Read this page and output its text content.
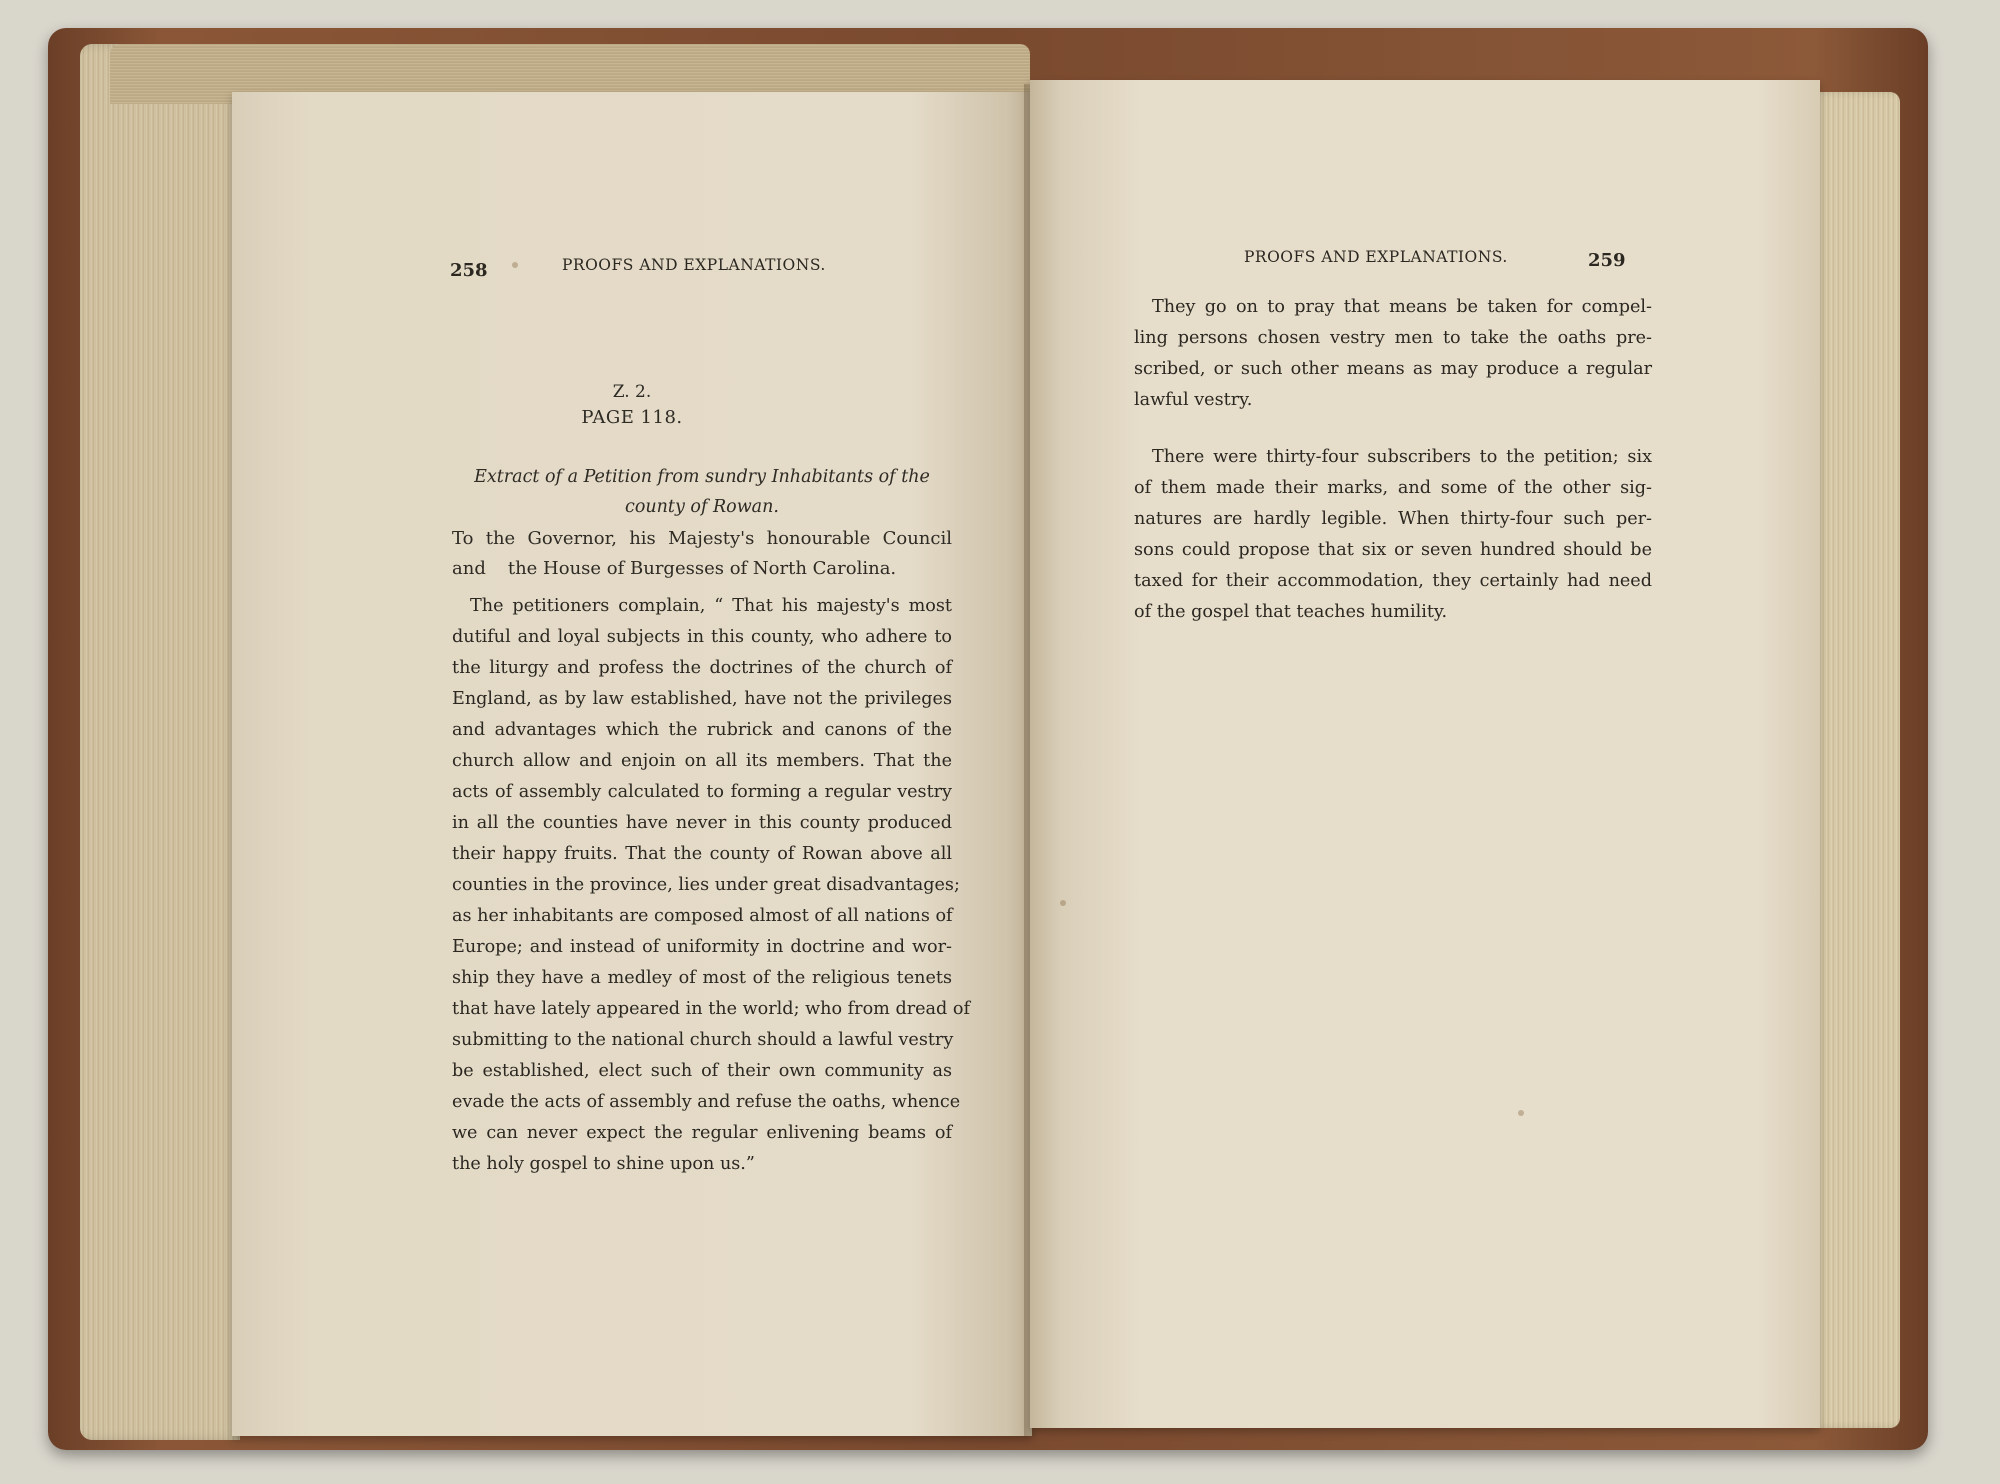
258	PROOFS AND EXPLANATIONS.
Z. 2.
PAGE 118.
Extract of a Petition from sundry Inhabitants of the
county of Rowan.
To the Governor, his Majesty's honourable Council and	the House of Burgesses of North Carolina.
The petitioners complain, “ That his majesty's most
dutiful and loyal subjects in this county, who adhere to
the liturgy and profess the doctrines of the church of
England, as by law established, have not the privileges
and advantages which the rubrick and canons of the
church allow and enjoin on all its members. That the
acts of assembly calculated to forming a regular vestry
in all the counties have never in this county produced
their happy fruits. That the county of Rowan above all
counties in the province, lies under great disadvantages;
as her inhabitants are composed almost of all nations of
Europe; and instead of uniformity in doctrine and wor-
ship they have a medley of most of the religious tenets
that have lately appeared in the world; who from dread of
submitting to the national church should a lawful vestry
be established, elect such of their own community as
evade the acts of assembly and refuse the oaths, whence
we can never expect the regular enlivening beams of
the holy gospel to shine upon us.”
PROOFS AND EXPLANATIONS.	259
They go on to pray that means be taken for compel-
ling persons chosen vestry men to take the oaths pre-
scribed, or such other means as may produce a regular
lawful vestry.
There were thirty-four subscribers to the petition; six
of them made their marks, and some of the other sig-
natures are hardly legible. When thirty-four such per-
sons could propose that six or seven hundred should be
taxed for their accommodation, they certainly had need
of the gospel that teaches humility.
